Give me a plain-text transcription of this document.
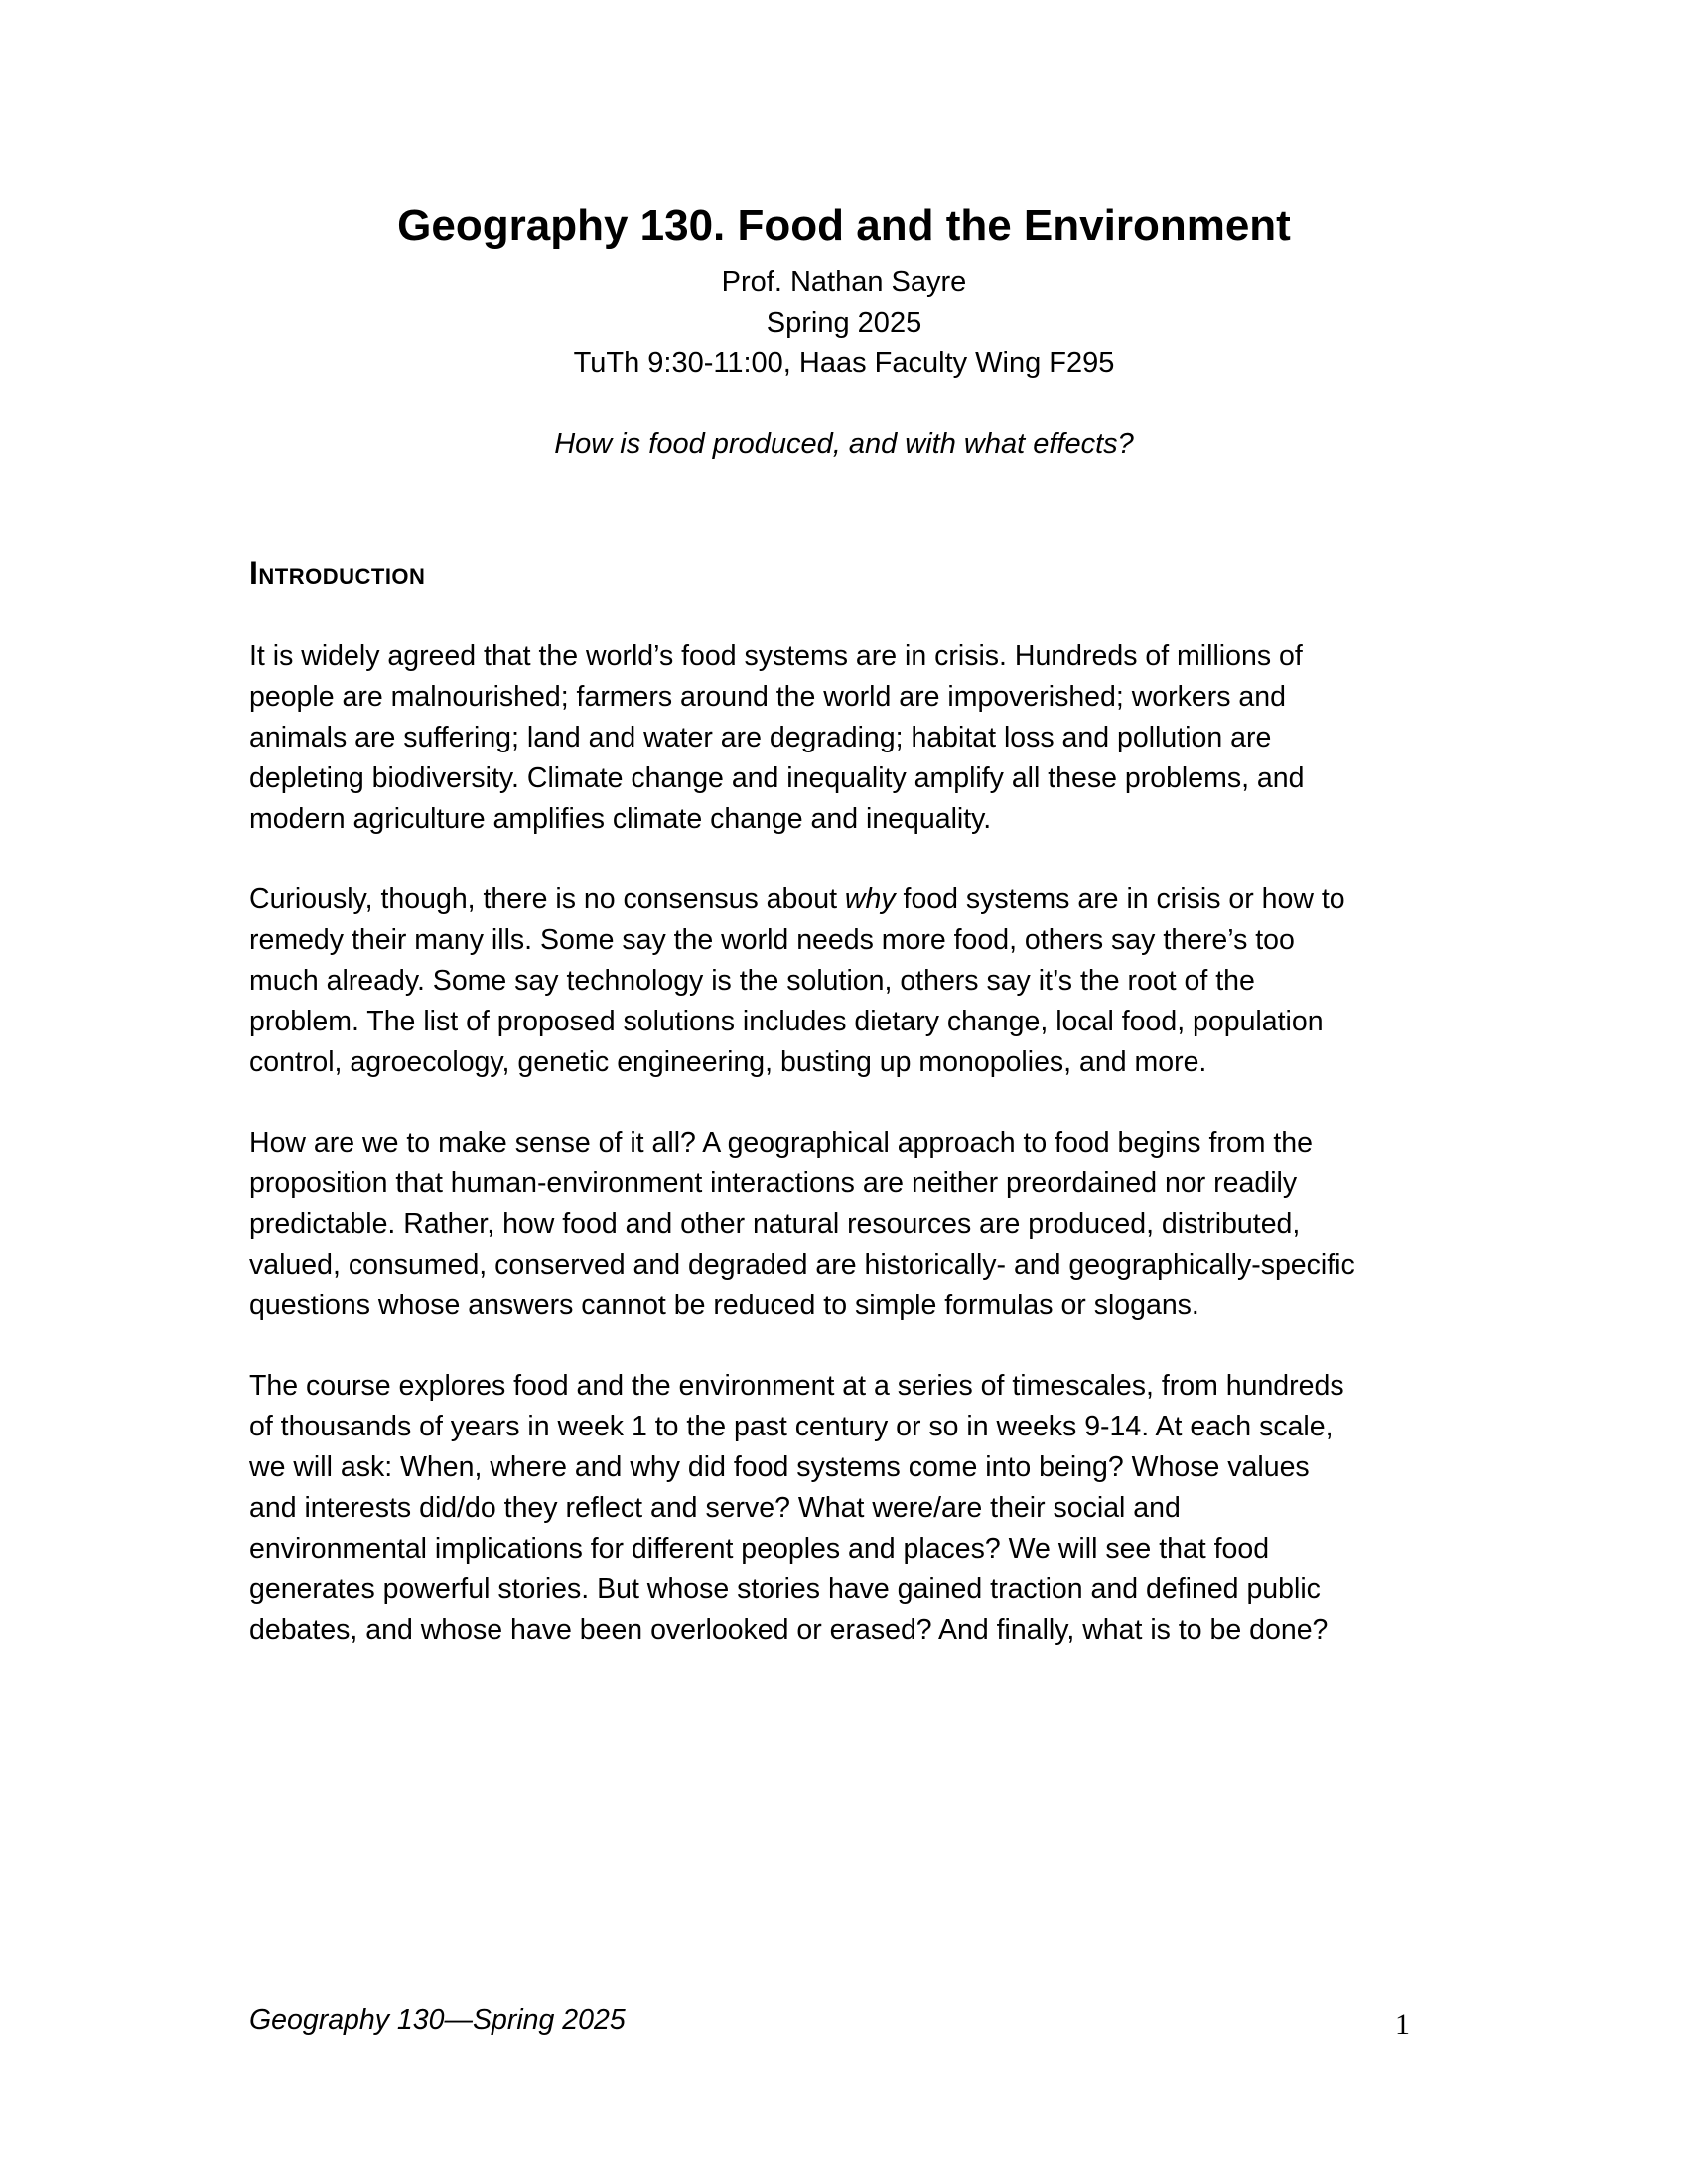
Geography 130. Food and the Environment

Prof. Nathan Sayre

Spring 2025

TuTh 9:30-11:00, Haas Faculty Wing F295

How is food produced, and with what effects?

Introduction
It is widely agreed that the world’s food systems are in crisis. Hundreds of millions of
people are malnourished; farmers around the world are impoverished; workers and
animals are suffering; land and water are degrading; habitat loss and pollution are
depleting biodiversity. Climate change and inequality amplify all these problems, and
modern agriculture amplifies climate change and inequality.
Curiously, though, there is no consensus about why food systems are in crisis or how to
remedy their many ills. Some say the world needs more food, others say there’s too
much already. Some say technology is the solution, others say it’s the root of the
problem. The list of proposed solutions includes dietary change, local food, population
control, agroecology, genetic engineering, busting up monopolies, and more.
How are we to make sense of it all? A geographical approach to food begins from the
proposition that human-environment interactions are neither preordained nor readily
predictable. Rather, how food and other natural resources are produced, distributed,
valued, consumed, conserved and degraded are historically- and geographically-specific
questions whose answers cannot be reduced to simple formulas or slogans.
The course explores food and the environment at a series of timescales, from hundreds
of thousands of years in week 1 to the past century or so in weeks 9-14. At each scale,
we will ask: When, where and why did food systems come into being? Whose values
and interests did/do they reflect and serve? What were/are their social and
environmental implications for different peoples and places? We will see that food
generates powerful stories. But whose stories have gained traction and defined public
debates, and whose have been overlooked or erased? And finally, what is to be done?

Geography 130—Spring 2025	1
